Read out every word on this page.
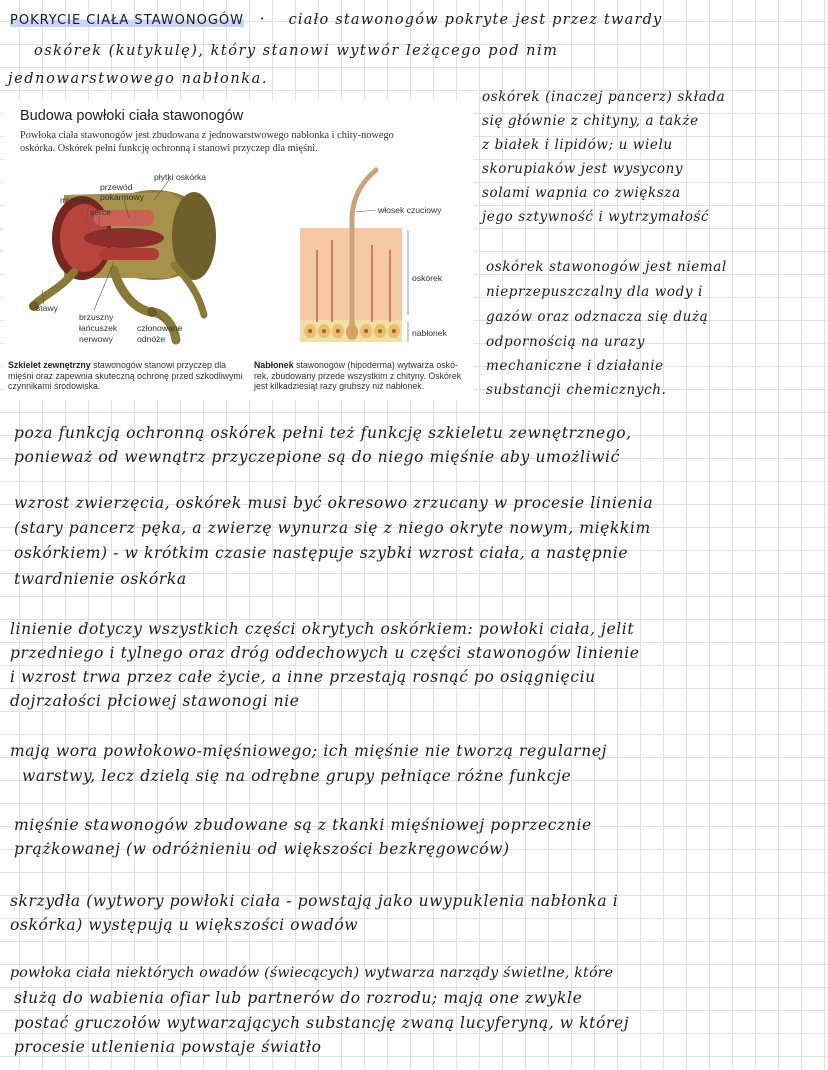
POKRYCIE CIAŁA STAWONOGÓW · ciało stawonogów pokryte jest przez twardy
oskórek (kutykulę), który stanowi wytwór leżącego pod nim
jednowarstwowego nabłonka.
oskórek (inaczej pancerz) składa
się głównie z chityny, a także
z białek i lipidów; u wielu
skorupiaków jest wysycony
solami wapnia co zwiększa
jego sztywność i wytrzymałość
oskórek stawonogów jest niemal
nieprzepuszczalny dla wody i
gazów oraz odznacza się dużą
odpornością na urazy
mechaniczne i działanie
substancji chemicznych.
Budowa powłoki ciała stawonogów
Powłoka ciała stawonogów jest zbudowana z jednowarstwowego nabłonka i chity-nowego oskórka. Oskórek pełni funkcję ochronną i stanowi przyczep dla mięśni.
płytki oskórka
przewód
pokarmowy
mięśnie
serce
stawy
brzuszny
łańcuszek
nerwowy
członowane
odnóże
włosek czuciowy
oskórek
nabłonek
Szkielet zewnętrzny stawonogów stanowi przyczep dla mięśni oraz zapewnia skuteczną ochronę przed szkodliwymi czynnikami środowiska.
Nabłonek stawonogów (hipoderma) wytwarza oskó-rek, zbudowany przede wszystkim z chityny. Oskórek jest kilkadziesiąt razy grubszy niż nabłonek.
poza funkcją ochronną oskórek pełni też funkcję szkieletu zewnętrznego,
ponieważ od wewnątrz przyczepione są do niego mięśnie aby umożliwić
wzrost zwierzęcia, oskórek musi być okresowo zrzucany w procesie linienia
(stary pancerz pęka, a zwierzę wynurza się z niego okryte nowym, miękkim
oskórkiem) - w krótkim czasie następuje szybki wzrost ciała, a następnie
twardnienie oskórka
linienie dotyczy wszystkich części okrytych oskórkiem: powłoki ciała, jelit
przedniego i tylnego oraz dróg oddechowych u części stawonogów linienie
i wzrost trwa przez całe życie, a inne przestają rosnąć po osiągnięciu
dojrzałości płciowej stawonogi nie
mają wora powłokowo-mięśniowego; ich mięśnie nie tworzą regularnej
warstwy, lecz dzielą się na odrębne grupy pełniące różne funkcje
mięśnie stawonogów zbudowane są z tkanki mięśniowej poprzecznie
prążkowanej (w odróżnieniu od większości bezkręgowców)
skrzydła (wytwory powłoki ciała - powstają jako uwypuklenia nabłonka i
oskórka) występują u większości owadów
powłoka ciała niektórych owadów (świecących) wytwarza narządy świetlne, które
służą do wabienia ofiar lub partnerów do rozrodu; mają one zwykle
postać gruczołów wytwarzających substancję zwaną lucyferyną, w której
procesie utlenienia powstaje światło
